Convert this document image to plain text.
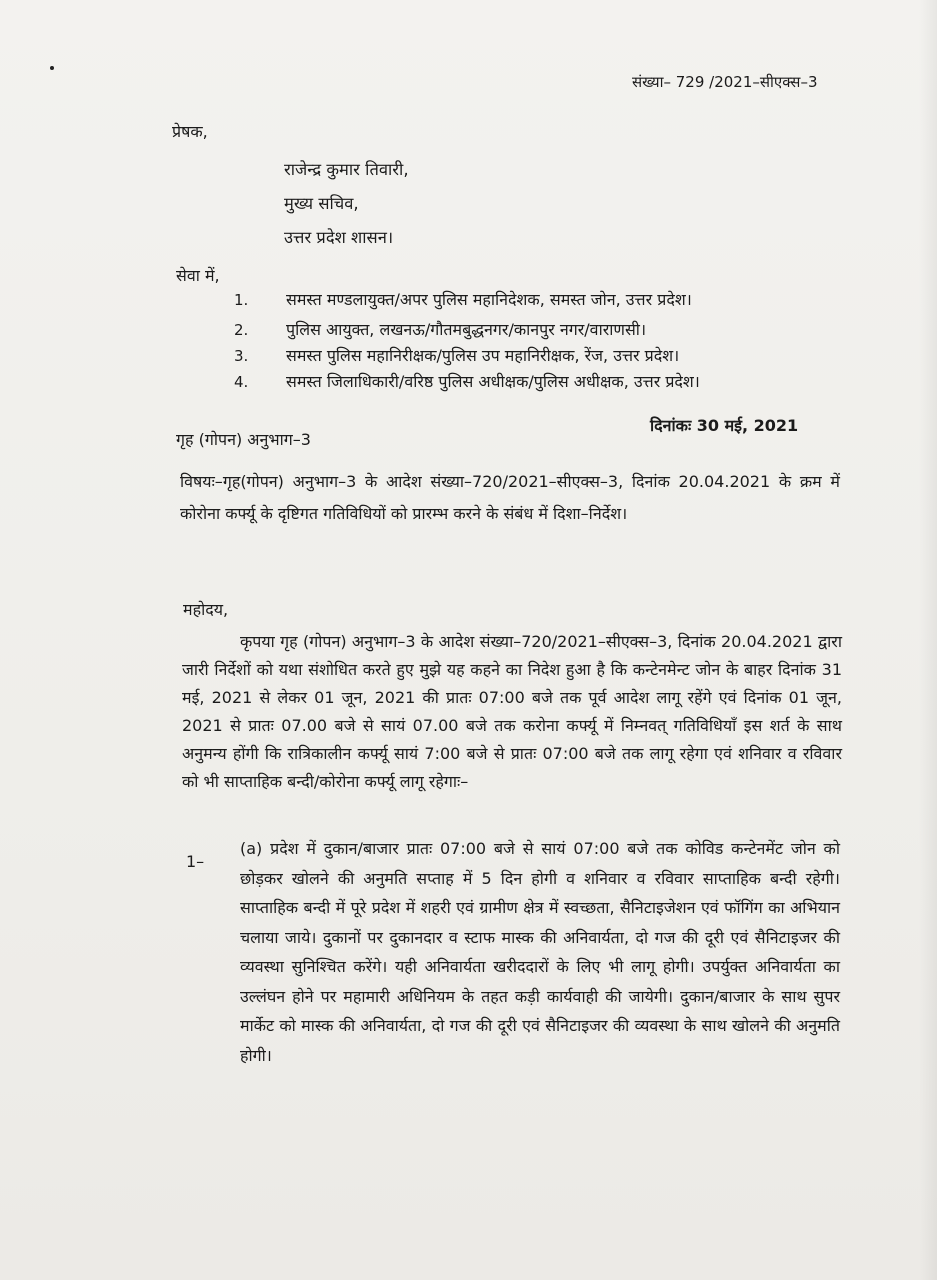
संख्या– 729 /2021–सीएक्स–3
प्रेषक,
राजेन्द्र कुमार तिवारी,
मुख्य सचिव,
उत्तर प्रदेश शासन।
सेवा में,
1. समस्त मण्डलायुक्त/अपर पुलिस महानिदेशक, समस्त जोन, उत्तर प्रदेश।
2. पुलिस आयुक्त, लखनऊ/गौतमबुद्धनगर/कानपुर नगर/वाराणसी।
3. समस्त पुलिस महानिरीक्षक/पुलिस उप महानिरीक्षक, रेंज, उत्तर प्रदेश।
4. समस्त जिलाधिकारी/वरिष्ठ पुलिस अधीक्षक/पुलिस अधीक्षक, उत्तर प्रदेश।
गृह (गोपन) अनुभाग–3
दिनांकः 30 मई, 2021
विषयः–गृह(गोपन) अनुभाग–3 के आदेश संख्या–720/2021–सीएक्स–3, दिनांक 20.04.2021 के क्रम में कोरोना कर्फ्यू के दृष्टिगत गतिविधियों को प्रारम्भ करने के संबंध में दिशा–निर्देश।
महोदय,

कृपया गृह (गोपन) अनुभाग–3 के आदेश संख्या–720/2021–सीएक्स–3, दिनांक 20.04.2021 द्वारा जारी निर्देशों को यथा संशोधित करते हुए मुझे यह कहने का निदेश हुआ है कि कन्टेनमेन्ट जोन के बाहर दिनांक 31 मई, 2021 से लेकर 01 जून, 2021 की प्रातः 07:00 बजे तक पूर्व आदेश लागू रहेंगे एवं दिनांक 01 जून, 2021 से प्रातः 07.00 बजे से सायं 07.00 बजे तक करोना कर्फ्यू में निम्नवत् गतिविधियाँ इस शर्त के साथ अनुमन्य होंगी कि रात्रिकालीन कर्फ्यू सायं 7:00 बजे से प्रातः 07:00 बजे तक लागू रहेगा एवं शनिवार व रविवार को भी साप्ताहिक बन्दी/कोरोना कर्फ्यू लागू रहेगाः–

1–

(a) प्रदेश में दुकान/बाजार प्रातः 07:00 बजे से सायं 07:00 बजे तक कोविड कन्टेनमेंट जोन को छोड़कर खोलने की अनुमति सप्ताह में 5 दिन होगी व शनिवार व रविवार साप्ताहिक बन्दी रहेगी। साप्ताहिक बन्दी में पूरे प्रदेश में शहरी एवं ग्रामीण क्षेत्र में स्वच्छता, सैनिटाइजेशन एवं फॉगिंग का अभियान चलाया जाये। दुकानों पर दुकानदार व स्टाफ मास्क की अनिवार्यता, दो गज की दूरी एवं सैनिटाइजर की व्यवस्था सुनिश्चित करेंगे। यही अनिवार्यता खरीददारों के लिए भी लागू होगी। उपर्युक्त अनिवार्यता का उल्लंघन होने पर महामारी अधिनियम के तहत कड़ी कार्यवाही की जायेगी। दुकान/बाजार के साथ सुपर मार्केट को मास्क की अनिवार्यता, दो गज की दूरी एवं सैनिटाइजर की व्यवस्था के साथ खोलने की अनुमति होगी।
